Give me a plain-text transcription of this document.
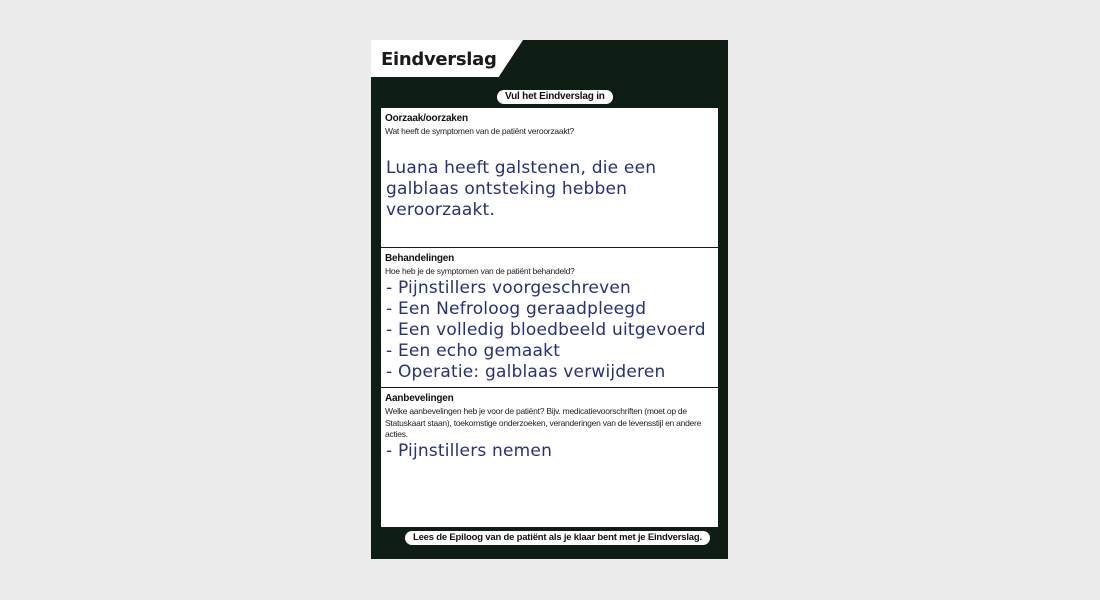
Eindverslag
Vul het Eindverslag in
Oorzaak/oorzaken
Wat heeft de symptomen van de patiënt veroorzaakt?
Luana heeft galstenen, die een galblaas ontsteking hebben veroorzaakt.
Behandelingen
Hoe heb je de symptomen van de patiënt behandeld?
- Pijnstillers voorgeschreven
- Een Nefroloog geraadpleegd
- Een volledig bloedbeeld uitgevoerd
- Een echo gemaakt
- Operatie: galblaas verwijderen
Aanbevelingen
Welke aanbevelingen heb je voor de patiënt? Bijv. medicatievoorschriften (moet op de Statuskaart staan), toekomstige onderzoeken, veranderingen van de levensstijl en andere acties.
- Pijnstillers nemen
Lees de Epiloog van de patiënt als je klaar bent met je Eindverslag.
